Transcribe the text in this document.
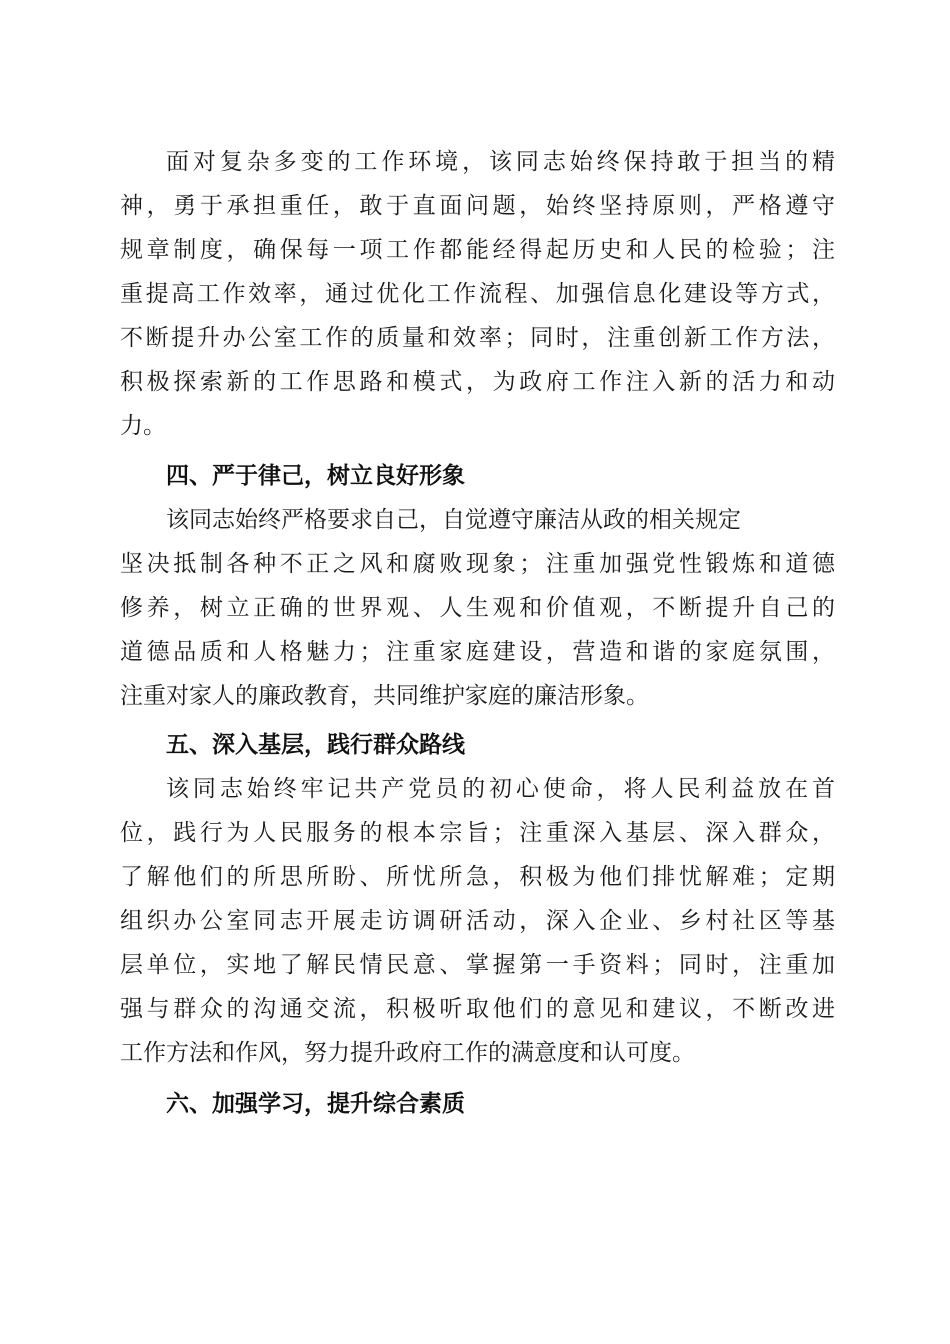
面对复杂多变的工作环境，该同志始终保持敢于担当的精
神，勇于承担重任，敢于直面问题，始终坚持原则，严格遵守
规章制度，确保每一项工作都能经得起历史和人民的检验；注
重提高工作效率，通过优化工作流程、加强信息化建设等方式，
不断提升办公室工作的质量和效率；同时，注重创新工作方法，
积极探索新的工作思路和模式，为政府工作注入新的活力和动
力。
四、严于律己，树立良好形象
该同志始终严格要求自己，自觉遵守廉洁从政的相关规定
坚决抵制各种不正之风和腐败现象；注重加强党性锻炼和道德
修养，树立正确的世界观、人生观和价值观，不断提升自己的
道德品质和人格魅力；注重家庭建设，营造和谐的家庭氛围，
注重对家人的廉政教育，共同维护家庭的廉洁形象。
五、深入基层，践行群众路线
该同志始终牢记共产党员的初心使命，将人民利益放在首
位，践行为人民服务的根本宗旨；注重深入基层、深入群众，
了解他们的所思所盼、所忧所急，积极为他们排忧解难；定期
组织办公室同志开展走访调研活动，深入企业、乡村社区等基
层单位，实地了解民情民意、掌握第一手资料；同时，注重加
强与群众的沟通交流，积极听取他们的意见和建议，不断改进
工作方法和作风，努力提升政府工作的满意度和认可度。
六、加强学习，提升综合素质
